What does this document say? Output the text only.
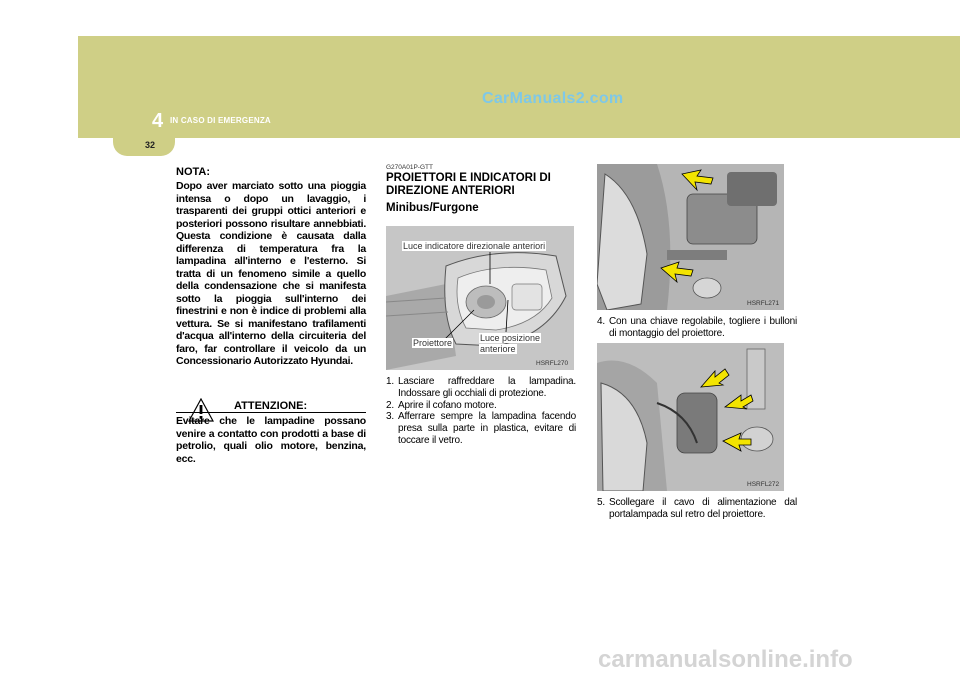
4 IN CASO DI EMERGENZA
32
CarManuals2.com
carmanualsonline.info

NOTA:

Dopo aver marciato sotto una pioggia intensa o dopo un lavaggio, i trasparenti dei gruppi ottici anteriori e posteriori possono risultare annebbiati. Questa condizione è causata dalla differenza di temperatura fra la lampadina all'interno e l'esterno. Si tratta di un fenomeno simile a quello della condensazione che si manifesta sotto la pioggia sull'interno dei finestrini e non è indice di problemi alla vettura. Se si manifestano trafilamenti d'acqua all'interno della circuiteria del faro, far controllare il veicolo da un Concessionario Autorizzato Hyundai.

ATTENZIONE:

Evitare che le lampadine possano venire a contatto con prodotti a base di petrolio, quali olio motore, benzina, ecc.

G270A01P-GTT

PROIETTORI E INDICATORI DI DIREZIONE ANTERIORI

Minibus/Furgone

Luce indicatore direzionale anteriori
Proiettore	Luce posizione
anteriore
HSRFL270

1. Lasciare raffreddare la lampadina. Indossare gli occhiali di protezione.

2. Aprire il cofano motore.

3. Afferrare sempre la lampadina facendo presa sulla parte in plastica, evitare di toccare il vetro.

HSRFL271

4. Con una chiave regolabile, togliere i bulloni di montaggio del proiettore.

HSRFL272

5. Scollegare il cavo di alimentazione dal portalampada sul retro del proiettore.
